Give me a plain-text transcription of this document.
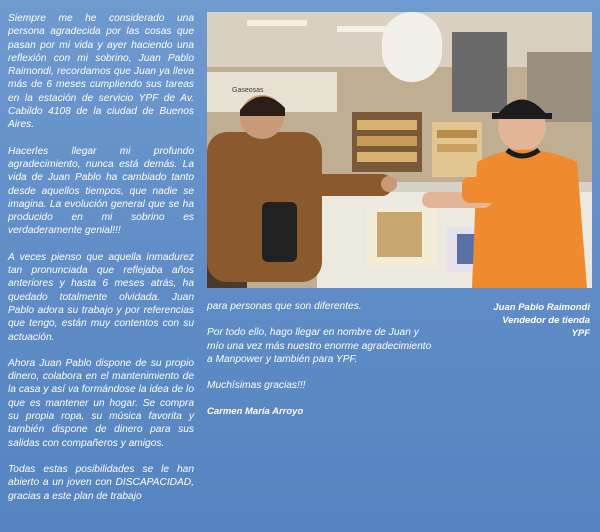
Siempre me he considerado una persona agradecida por las cosas que pasan por mi vida y ayer haciendo una reflexión con mi sobrino, Juan Pablo Raimondi, recordamos que Juan ya lleva más de 6 meses cumpliendo sus tareas en la estación de servicio YPF de Av. Cabildo 4108 de la ciudad de Buenos Aires.

Hacerles llegar mi profundo agradecimiento, nunca está demás. La vida de Juan Pablo ha cambiado tanto desde aquellos tiempos, que nadie se imagina. La evolución general que se ha producido en mi sobrino es verdaderamente genial!!!

A veces pienso que aquella inmadurez tan pronunciada que reflejaba años anteriores y hasta 6 meses atrás, ha quedado totalmente olvidada. Juan Pablo adora su trabajo y por referencias que tengo, están muy contentos con su actuación.

Ahora Juan Pablo dispone de su propio dinero, colabora en el mantenimiento de la casa y así va formándose la idea de lo que es mantener un hogar. Se compra su propia ropa, su música favorita y también dispone de dinero para sus salidas con compañeros y amigos.

Todas estas posibilidades se le han abierto a un joven con DISCAPACIDAD, gracias a este plan de trabajo

Gaseosas
Juan Pablo Raimondi
Vendedor de tienda
YPF

para personas que son diferentes.

Por todo ello, hago llegar en nombre de Juan y mío una vez más nuestro enorme agradecimiento a Manpower y también para YPF.

Muchísimas gracias!!!

Carmen María Arroyo
